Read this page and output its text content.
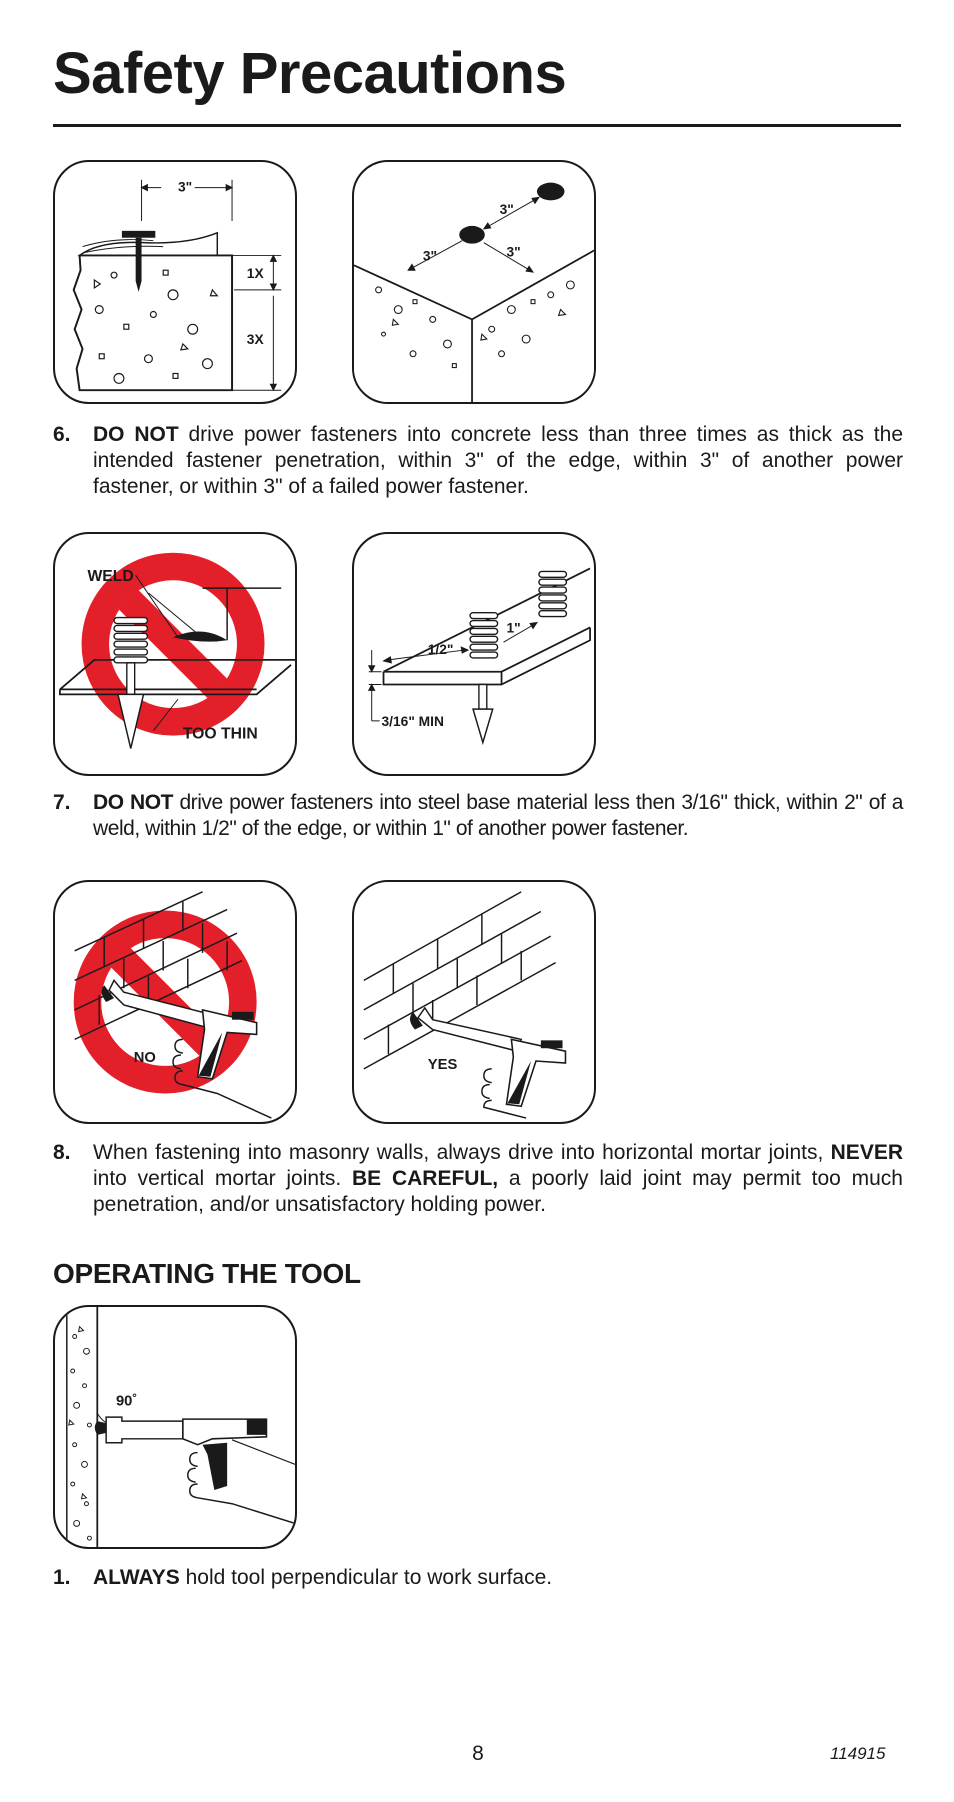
Safety Precautions
3"
1X
3X
3"
3"	3"
6. DO NOT drive power fasteners into concrete less than three times as thick as the intended fastener penetration, within 3" of the edge, within 3" of another power fastener, or within 3" of a failed power fastener.
WELD
TOO THIN
1"
1/2"
3/16" MIN
7. DO NOT drive power fasteners into steel base material less then 3/16" thick, within 2" of a weld, within 1/2" of the edge, or within 1" of another power fastener.
NO	YES
8. When fastening into masonry walls, always drive into horizontal mortar joints, NEVER into vertical mortar joints. BE CAREFUL, a poorly laid joint may permit too much penetration, and/or unsatisfactory holding power.
OPERATING THE TOOL
90˚
1. ALWAYS hold tool perpendicular to work surface.
8	114915
